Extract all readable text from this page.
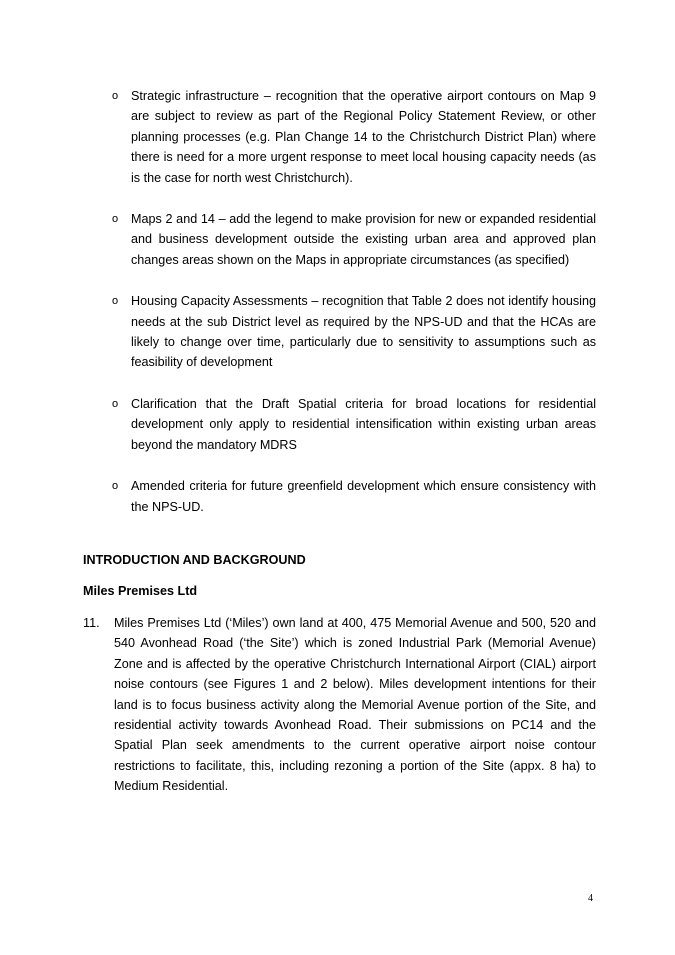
o Strategic infrastructure – recognition that the operative airport contours on Map 9 are subject to review as part of the Regional Policy Statement Review, or other planning processes (e.g. Plan Change 14 to the Christchurch District Plan) where there is need for a more urgent response to meet local housing capacity needs (as is the case for north west Christchurch).
o Maps 2 and 14 – add the legend to make provision for new or expanded residential and business development outside the existing urban area and approved plan changes areas shown on the Maps in appropriate circumstances (as specified)
o Housing Capacity Assessments – recognition that Table 2 does not identify housing needs at the sub District level as required by the NPS-UD and that the HCAs are likely to change over time, particularly due to sensitivity to assumptions such as feasibility of development
o Clarification that the Draft Spatial criteria for broad locations for residential development only apply to residential intensification within existing urban areas beyond the mandatory MDRS
o Amended criteria for future greenfield development which ensure consistency with the NPS-UD.
INTRODUCTION AND BACKGROUND
Miles Premises Ltd
11. Miles Premises Ltd (‘Miles’) own land at 400, 475 Memorial Avenue and 500, 520 and 540 Avonhead Road (‘the Site’) which is zoned Industrial Park (Memorial Avenue) Zone and is affected by the operative Christchurch International Airport (CIAL) airport noise contours (see Figures 1 and 2 below). Miles development intentions for their land is to focus business activity along the Memorial Avenue portion of the Site, and residential activity towards Avonhead Road. Their submissions on PC14 and the Spatial Plan seek amendments to the current operative airport noise contour restrictions to facilitate, this, including rezoning a portion of the Site (appx. 8 ha) to Medium Residential.
4
